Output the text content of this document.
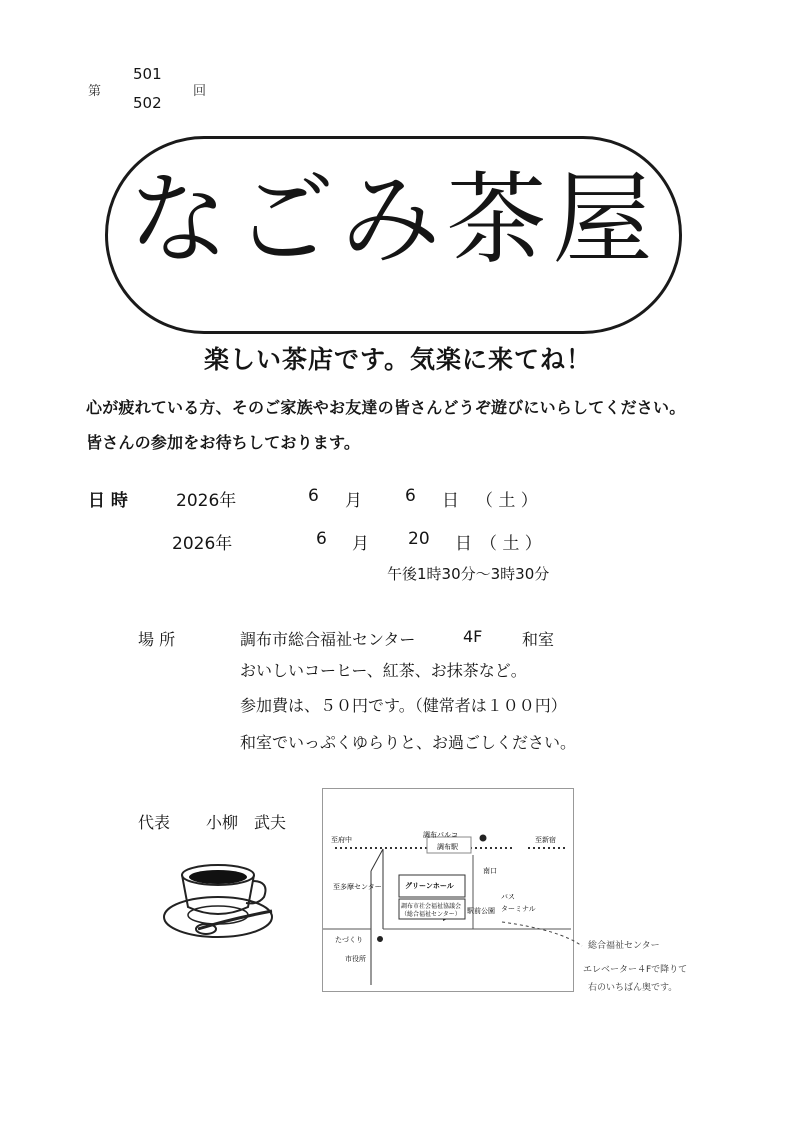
第
501
502
回
なごみ茶屋
楽しい茶店です。気楽に来てね！
心が疲れている方、そのご家族やお友達の皆さんどうぞ遊びにいらしてください。
皆さんの参加をお待ちしております。
日 時	2026年	6 月	6 日 （ 土 ）
2026年	6 月 20 日 （ 土 ）
午後1時30分～3時30分
場 所	調布市総合福祉センター	4F 和室
おいしいコーヒー、紅茶、お抹茶など。
参加費は、５０円です。（健常者は１００円）
和室でいっぷくゆらりと、お過ごしください。
代表 小柳　武夫
至府中	至新宿
調布パルコ
調布駅
南口
至多摩センター	グリーンホール
調布市社会福祉協議会
（総合福祉センター） 駅前公園
バス
ターミナル
たづくり
市役所
総合福祉センター
エレベーター４Fで降りて
右のいちばん奥です。
